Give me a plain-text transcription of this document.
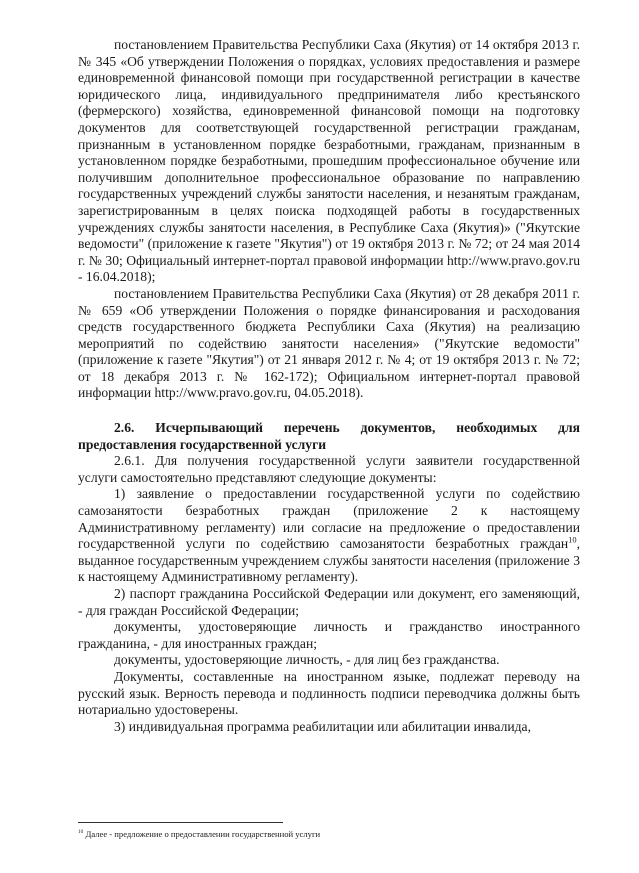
постановлением Правительства Республики Саха (Якутия) от 14 октября 2013 г. № 345 «Об утверждении Положения о порядках, условиях предоставления и размере единовременной финансовой помощи при государственной регистрации в качестве юридического лица, индивидуального предпринимателя либо крестьянского (фермерского) хозяйства, единовременной финансовой помощи на подготовку документов для соответствующей государственной регистрации гражданам, признанным в установленном порядке безработными, гражданам, признанным в установленном порядке безработными, прошедшим профессиональное обучение или получившим дополнительное профессиональное образование по направлению государственных учреждений службы занятости населения, и незанятым гражданам, зарегистрированным в целях поиска подходящей работы в государственных учреждениях службы занятости населения, в Республике Саха (Якутия)» ("Якутские ведомости" (приложение к газете "Якутия") от 19 октября 2013 г. № 72; от 24 мая 2014 г. № 30; Официальный интернет-портал правовой информации http://www.pravo.gov.ru - 16.04.2018);

постановлением Правительства Республики Саха (Якутия) от 28 декабря 2011 г. № 659 «Об утверждении Положения о порядке финансирования и расходования средств государственного бюджета Республики Саха (Якутия) на реализацию мероприятий по содействию занятости населения» ("Якутские ведомости" (приложение к газете "Якутия") от 21 января 2012 г. № 4; от 19 октября 2013 г. № 72; от 18 декабря 2013 г. № 162-172); Официальном интернет-портал правовой информации http://www.pravo.gov.ru, 04.05.2018).

2.6. Исчерпывающий перечень документов, необходимых для предоставления государственной услуги

2.6.1. Для получения государственной услуги заявители государственной услуги самостоятельно представляют следующие документы:

1) заявление о предоставлении государственной услуги по содействию самозанятости безработных граждан (приложение 2 к настоящему Административному регламенту) или согласие на предложение о предоставлении государственной услуги по содействию самозанятости безработных граждан$^{10}$, выданное государственным учреждением службы занятости населения (приложение 3 к настоящему Административному регламенту).

2) паспорт гражданина Российской Федерации или документ, его заменяющий, - для граждан Российской Федерации;

документы, удостоверяющие личность и гражданство иностранного гражданина, - для иностранных граждан;

документы, удостоверяющие личность, - для лиц без гражданства.

Документы, составленные на иностранном языке, подлежат переводу на русский язык. Верность перевода и подлинность подписи переводчика должны быть нотариально удостоверены.

3) индивидуальная программа реабилитации или абилитации инвалида,

$^{10}$ Далее - предложение о предоставлении государственной услуги
